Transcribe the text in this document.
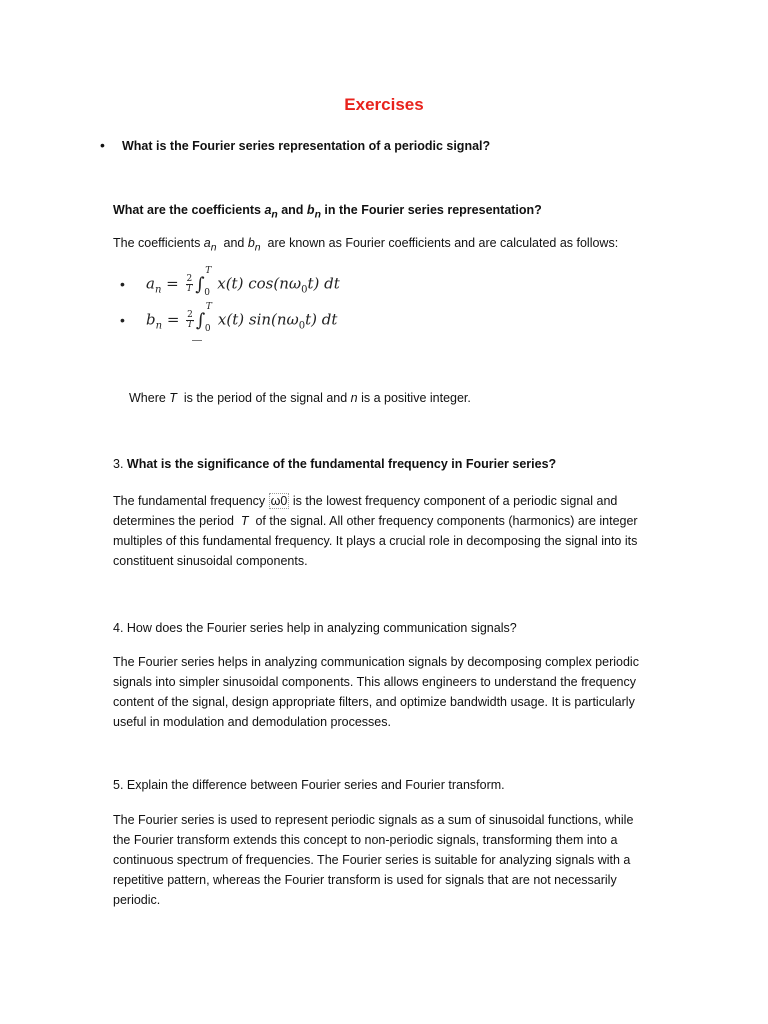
Exercises
•	What is the Fourier series representation of a periodic signal?
What are the coefficients $a_n$ and $b_n$ in the Fourier series representation?
The coefficients $a_n$  and $b_n$  are known as Fourier coefficients and are calculated as follows:
•	$a_n = \frac{2}{T}$ ∫
T
0
x(t) $\cos(n\omega_0t)$ dt
•	$b_n = \frac{2}{T}$ ∫
T
0
x(t) $\sin(n\omega_0t)$ dt
Where T  is the period of the signal and n is a positive integer.
3. What is the significance of the fundamental frequency in Fourier series?
The fundamental frequency ω0 is the lowest frequency component of a periodic signal and
determines the period  T  of the signal. All other frequency components (harmonics) are integer
multiples of this fundamental frequency. It plays a crucial role in decomposing the signal into its
constituent sinusoidal components.
4. How does the Fourier series help in analyzing communication signals?
The Fourier series helps in analyzing communication signals by decomposing complex periodic
signals into simpler sinusoidal components. This allows engineers to understand the frequency
content of the signal, design appropriate filters, and optimize bandwidth usage. It is particularly
useful in modulation and demodulation processes.
5. Explain the difference between Fourier series and Fourier transform.
The Fourier series is used to represent periodic signals as a sum of sinusoidal functions, while
the Fourier transform extends this concept to non-periodic signals, transforming them into a
continuous spectrum of frequencies. The Fourier series is suitable for analyzing signals with a
repetitive pattern, whereas the Fourier transform is used for signals that are not necessarily
periodic.
